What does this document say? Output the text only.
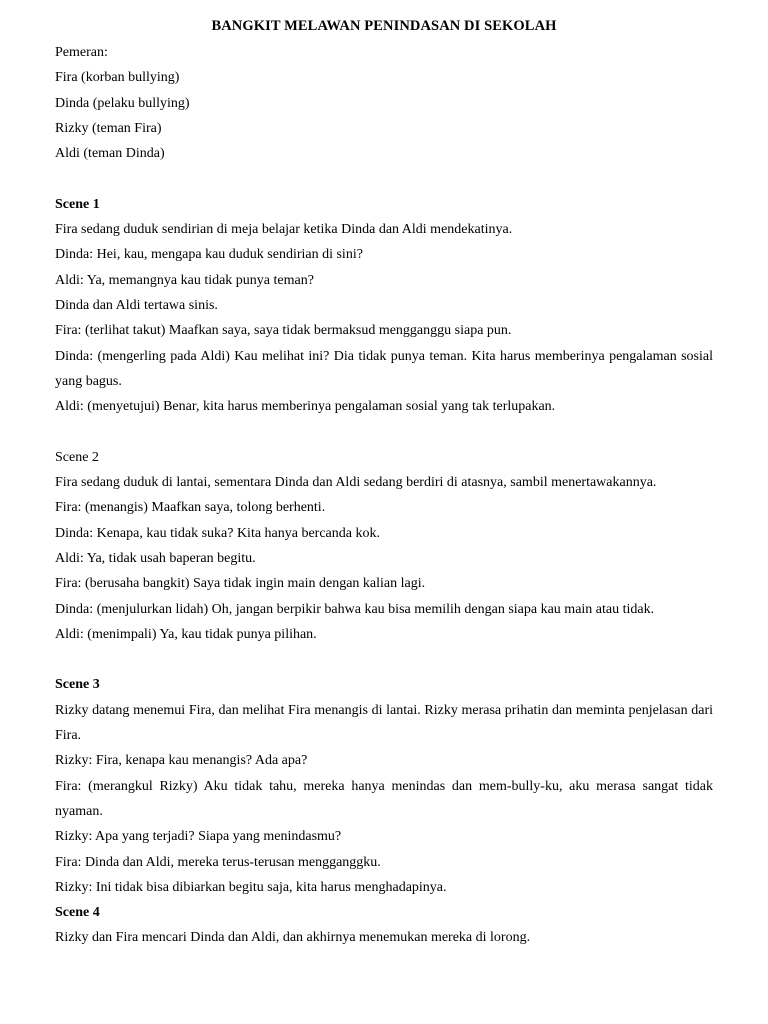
BANGKIT MELAWAN PENINDASAN DI SEKOLAH

Pemeran:

Fira (korban bullying)

Dinda (pelaku bullying)

Rizky (teman Fira)

Aldi (teman Dinda)

Scene 1

Fira sedang duduk sendirian di meja belajar ketika Dinda dan Aldi mendekatinya.

Dinda: Hei, kau, mengapa kau duduk sendirian di sini?

Aldi: Ya, memangnya kau tidak punya teman?

Dinda dan Aldi tertawa sinis.

Fira: (terlihat takut) Maafkan saya, saya tidak bermaksud mengganggu siapa pun.

Dinda: (mengerling pada Aldi) Kau melihat ini? Dia tidak punya teman. Kita harus memberinya pengalaman sosial yang bagus.

Aldi: (menyetujui) Benar, kita harus memberinya pengalaman sosial yang tak terlupakan.

Scene 2

Fira sedang duduk di lantai, sementara Dinda dan Aldi sedang berdiri di atasnya, sambil menertawakannya.

Fira: (menangis) Maafkan saya, tolong berhenti.

Dinda: Kenapa, kau tidak suka? Kita hanya bercanda kok.

Aldi: Ya, tidak usah baperan begitu.

Fira: (berusaha bangkit) Saya tidak ingin main dengan kalian lagi.

Dinda: (menjulurkan lidah) Oh, jangan berpikir bahwa kau bisa memilih dengan siapa kau main atau tidak.

Aldi: (menimpali) Ya, kau tidak punya pilihan.

Scene 3

Rizky datang menemui Fira, dan melihat Fira menangis di lantai. Rizky merasa prihatin dan meminta penjelasan dari Fira.

Rizky: Fira, kenapa kau menangis? Ada apa?

Fira: (merangkul Rizky) Aku tidak tahu, mereka hanya menindas dan mem-bully-ku, aku merasa sangat tidak nyaman.

Rizky: Apa yang terjadi? Siapa yang menindasmu?

Fira: Dinda dan Aldi, mereka terus-terusan mengganggku.

Rizky: Ini tidak bisa dibiarkan begitu saja, kita harus menghadapinya.

Scene 4

Rizky dan Fira mencari Dinda dan Aldi, dan akhirnya menemukan mereka di lorong.
